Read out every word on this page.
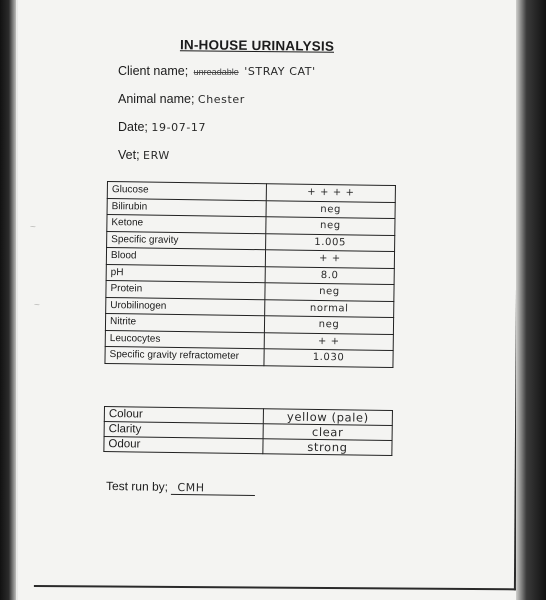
~
~
IN-HOUSE URINALYSIS
Client name; unreadable 'STRAY CAT'
Animal name; Chester
Date; 19-07-17
Vet; ERW
Glucose	+ + + +
Bilirubin	neg
Ketone	neg
Specific gravity	1.005
Blood	+ +
pH	8.0
Protein	neg
Urobilinogen	normal
Nitrite	neg
Leucocytes	+ +
Specific gravity refractometer	1.030
Colour	yellow (pale)
Clarity	clear
Odour	strong
Test run by; CMH
